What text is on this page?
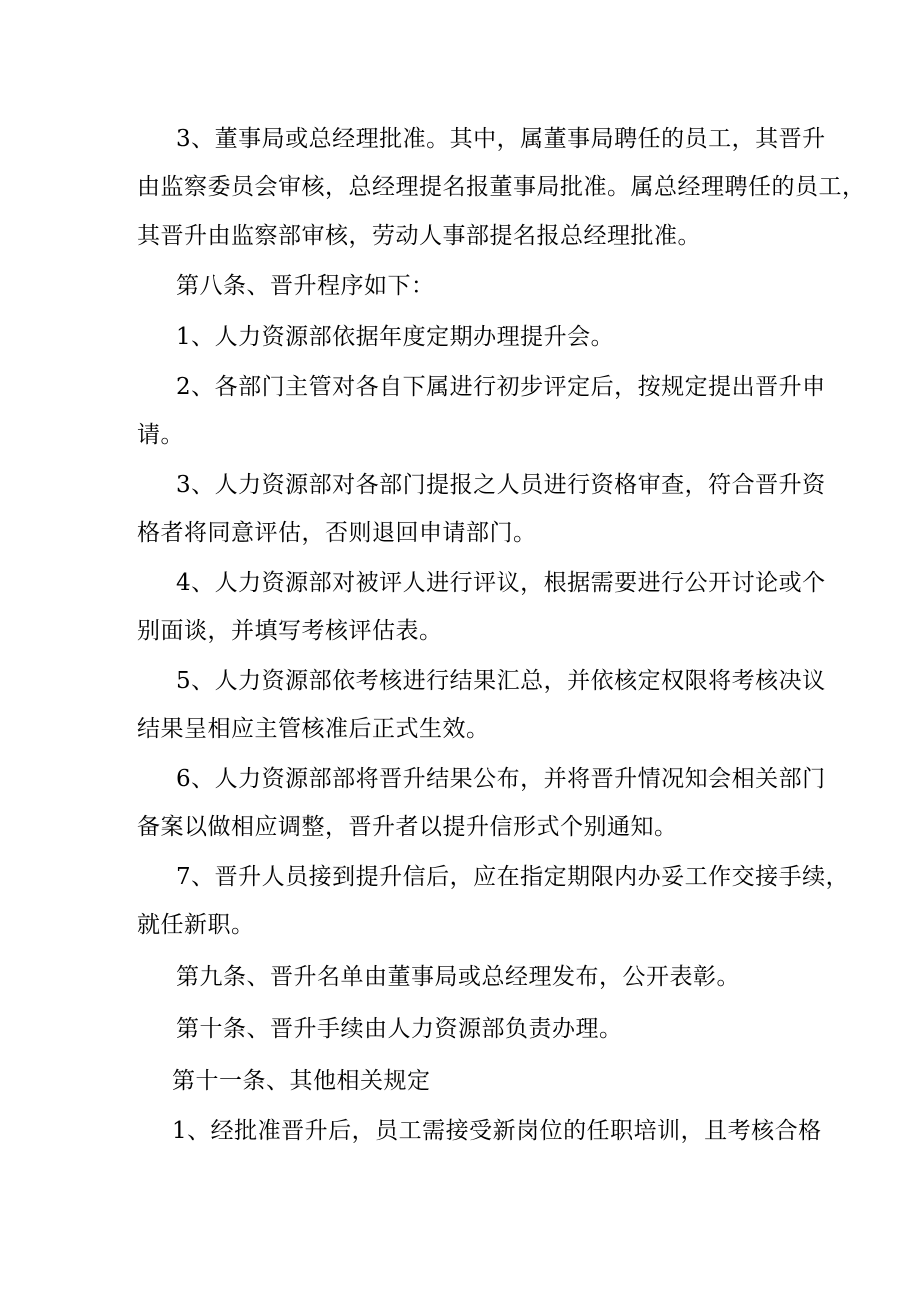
3、董事局或总经理批准。其中，属董事局聘任的员工，其晋升
由监察委员会审核，总经理提名报董事局批准。属总经理聘任的员工，
其晋升由监察部审核，劳动人事部提名报总经理批准。
第八条、晋升程序如下：
1、人力资源部依据年度定期办理提升会。
2、各部门主管对各自下属进行初步评定后，按规定提出晋升申
请。
3、人力资源部对各部门提报之人员进行资格审查，符合晋升资
格者将同意评估，否则退回申请部门。
4、人力资源部对被评人进行评议，根据需要进行公开讨论或个
别面谈，并填写考核评估表。
5、人力资源部依考核进行结果汇总，并依核定权限将考核决议
结果呈相应主管核准后正式生效。
6、人力资源部部将晋升结果公布，并将晋升情况知会相关部门
备案以做相应调整，晋升者以提升信形式个别通知。
7、晋升人员接到提升信后，应在指定期限内办妥工作交接手续，
就任新职。
第九条、晋升名单由董事局或总经理发布，公开表彰。
第十条、晋升手续由人力资源部负责办理。
第十一条、其他相关规定
1、经批准晋升后，员工需接受新岗位的任职培训，且考核合格
